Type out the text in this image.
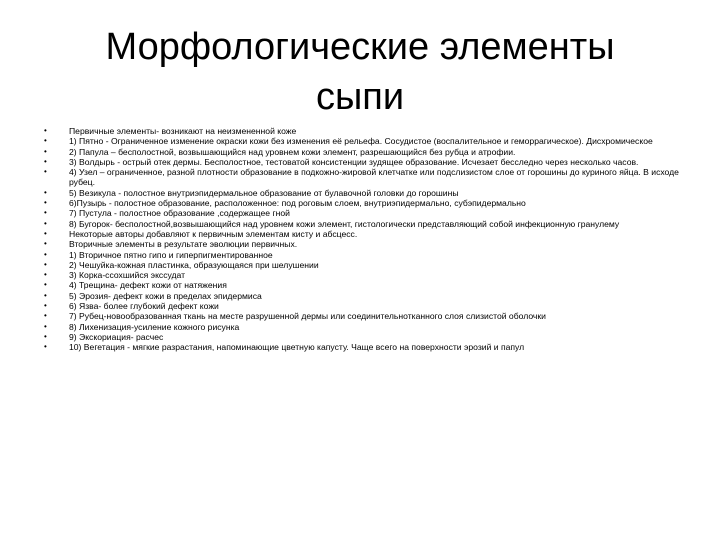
Морфологические элементы
сыпи
• Первичные элементы- возникают на неизмененной коже
• 1) Пятно - Ограниченное изменение окраски кожи без изменения её рельефа. Сосудистое (воспалительное и геморрагическое). Дисхромическое
• 2) Папула – бесполостной, возвышающийся над уровнем кожи элемент, разрешающийся без рубца и атрофии.
• 3) Волдырь - острый отек дермы. Бесполостное, тестоватой консистенции зудящее образование. Исчезает бесследно через несколько часов.
• 4) Узел – ограниченное, разной плотности образование в подкожно-жировой клетчатке или подслизистом слое от горошины до куриного яйца. В исходе рубец.
• 5) Везикула - полостное внутриэпидермальное образование от булавочной головки до горошины
• 6)Пузырь - полостное образование, расположенное: под роговым слоем, внутриэпидермально, субэпидермально
• 7) Пустула - полостное образование ,содержащее гной
• 8) Бугорок- бесполостной,возвышающийся над уровнем кожи элемент, гистологически представляющий собой инфекционную гранулему
• Некоторые авторы добавляют к первичным элементам кисту и абсцесс.
• Вторичные элементы в результате эволюции первичных.
• 1) Вторичное пятно гипо и гиперпигментированное
• 2) Чешуйка-кожная пластинка, образующаяся при шелушении
• 3) Корка-ссохшийся экссудат
• 4) Трещина- дефект кожи от натяжения
• 5) Эрозия- дефект кожи в пределах эпидермиса
• 6) Язва- более глубокий дефект кожи
• 7) Рубец-новообразованная ткань на месте разрушенной дермы или соединительнотканного слоя слизистой оболочки
• 8) Лихенизация-усиление кожного рисунка
• 9) Экскориация- расчес
• 10) Вегетация - мягкие разрастания, напоминающие цветную капусту. Чаще всего на поверхности эрозий и папул
